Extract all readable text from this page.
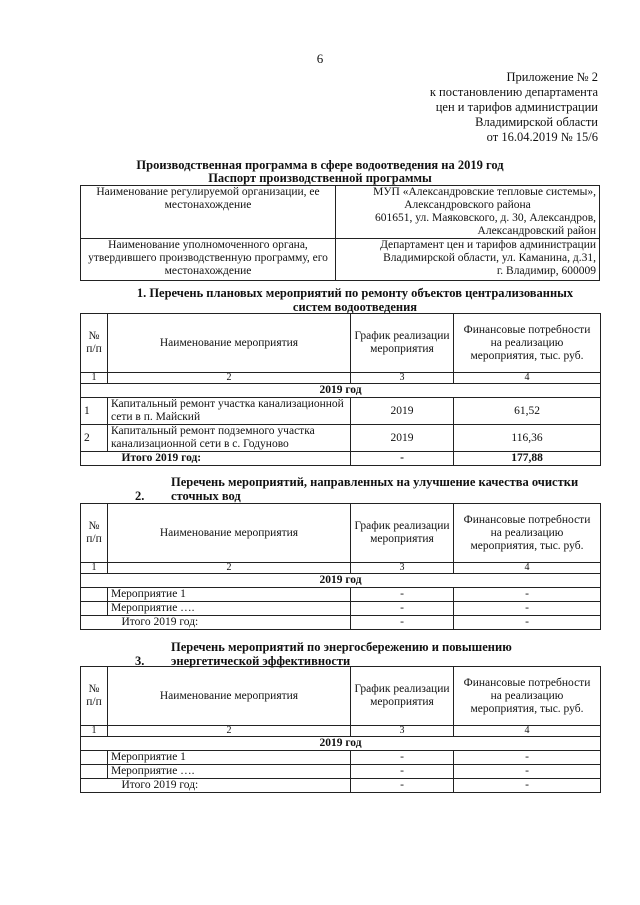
6
Приложение № 2
к постановлению департамента
цен и тарифов администрации
Владимирской области
от 16.04.2019 № 15/6
Производственная программа в сфере водоотведения на 2019 год
Паспорт производственной программы
Наименование регулируемой организации, ее местонахождение	МУП «Александровские тепловые системы»,
Александровского района
601651, ул. Маяковского, д. 30, Александров,
Александровский район

Наименование уполномоченного органа, утвердившего производственную программу, его местонахождение	Департамент цен и тарифов администрации
Владимирской области, ул. Каманина, д.31,
г. Владимир, 600009
1. Перечень плановых мероприятий по ремонту объектов централизованных систем водоотведения
№ п/п	Наименование мероприятия	График реализации мероприятия	Финансовые потребности на реализацию мероприятия, тыс. руб.
1	2	3	4
2019 год			
1	Капитальный ремонт участка канализационной сети в п. Майский	2019	61,52
2	Капитальный ремонт подземного участка канализационной сети в с. Годуново	2019	116,36
	Итого 2019 год:	-	177,88
2.Перечень мероприятий, направленных на улучшение качества очистки сточных вод
№ п/п	Наименование мероприятия	График реализации мероприятия	Финансовые потребности на реализацию мероприятия, тыс. руб.
1	2	3	4
2019 год			
	Мероприятие 1	-	-
	Мероприятие ….	-	-
	Итого 2019 год:	-	-
3.Перечень мероприятий по энергосбережению и повышению энергетической эффективности
№ п/п	Наименование мероприятия	График реализации мероприятия	Финансовые потребности на реализацию мероприятия, тыс. руб.
1	2	3	4
2019 год			
	Мероприятие 1	-	-
	Мероприятие ….	-	-
	Итого 2019 год:	-	-
